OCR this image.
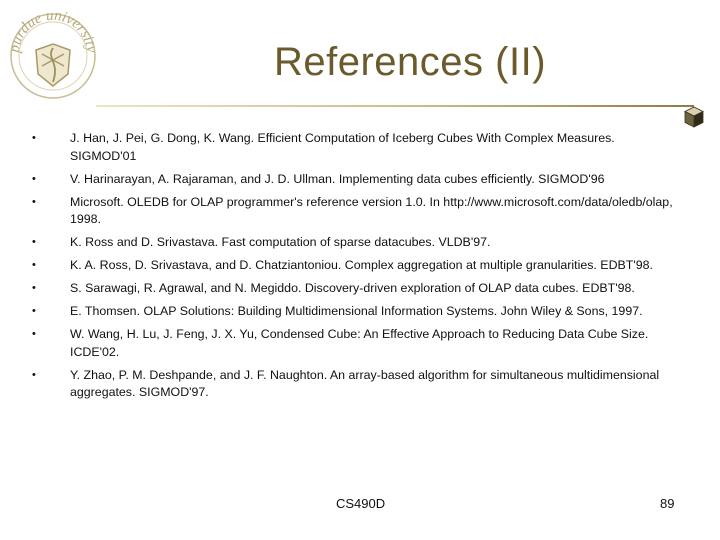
purdue university	References (II)
•	J. Han, J. Pei, G. Dong, K. Wang. Efficient Computation of Iceberg Cubes With Complex Measures. SIGMOD'01
•	V. Harinarayan, A. Rajaraman, and J. D. Ullman. Implementing data cubes efficiently. SIGMOD'96
•	Microsoft. OLEDB for OLAP programmer's reference version 1.0. In http://www.microsoft.com/data/oledb/olap, 1998.
•	K. Ross and D. Srivastava. Fast computation of sparse datacubes. VLDB'97.
•	K. A. Ross, D. Srivastava, and D. Chatziantoniou. Complex aggregation at multiple granularities. EDBT'98.
•	S. Sarawagi, R. Agrawal, and N. Megiddo. Discovery-driven exploration of OLAP data cubes. EDBT'98.
•	E. Thomsen. OLAP Solutions: Building Multidimensional Information Systems. John Wiley & Sons, 1997.
•	W. Wang, H. Lu, J. Feng, J. X. Yu, Condensed Cube: An Effective Approach to Reducing Data Cube Size. ICDE'02.
•	Y. Zhao, P. M. Deshpande, and J. F. Naughton. An array-based algorithm for simultaneous multidimensional aggregates. SIGMOD'97.
CS490D	89
